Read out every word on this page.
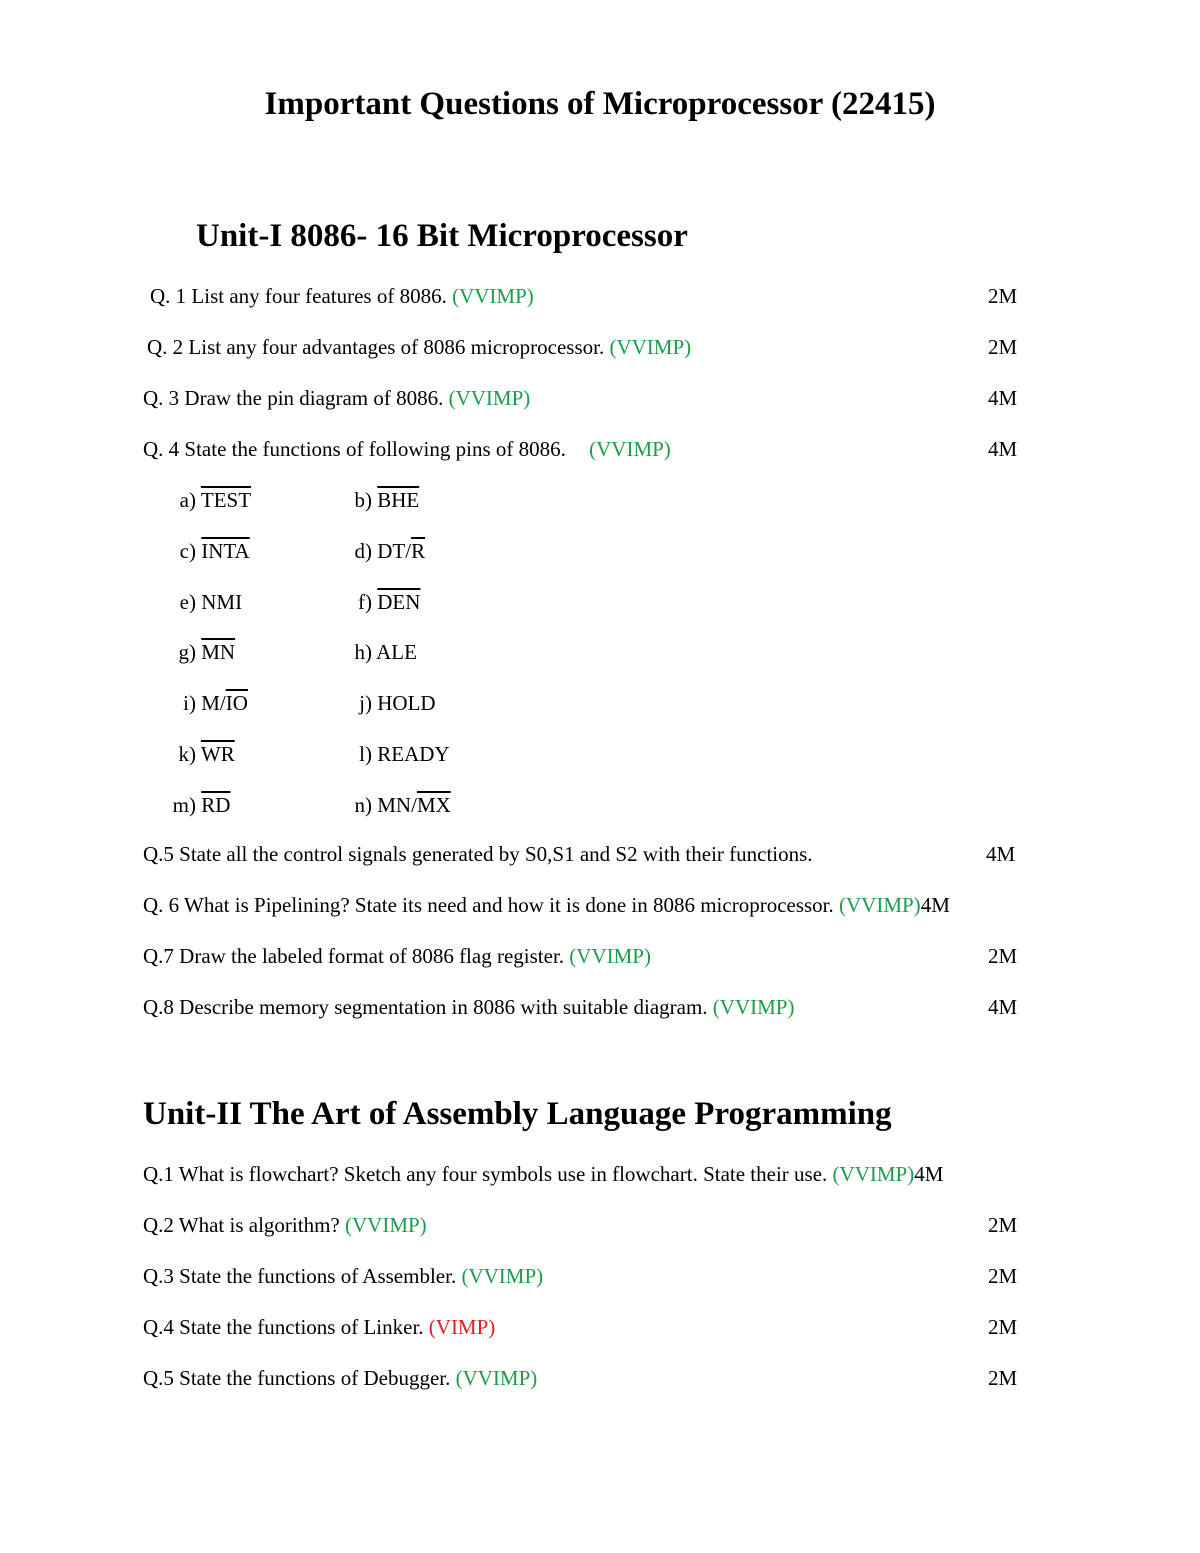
Important Questions of Microprocessor (22415)
Unit-I 8086- 16 Bit Microprocessor
Q. 1 List any four features of 8086. (VVIMP)	2M
Q. 2 List any four advantages of 8086 microprocessor. (VVIMP)	2M
Q. 3 Draw the pin diagram of 8086. (VVIMP)	4M
Q. 4 State the functions of following pins of 8086. (VVIMP)	4M
Q.5 State all the control signals generated by S0,S1 and S2 with their functions.	4M
Q. 6 What is Pipelining? State its need and how it is done in 8086 microprocessor. (VVIMP)4M
Q.7 Draw the labeled format of 8086 flag register. (VVIMP)	2M
Q.8 Describe memory segmentation in 8086 with suitable diagram. (VVIMP)	4M
a) TEST	b) $\overline{BHE}$
c) INTA	d) $DT/\overline{R}$
e) NMI	f) $\overline{DEN}$
g) $\overline{MN}$	h) ALE
i) $M/\overline{IO}$	j) HOLD
k) $\overline{WR}$	l) READY
m) $\overline{RD}$	n) $MN/\overline{MX}$
Unit-II The Art of Assembly Language Programming
Q.1 What is flowchart? Sketch any four symbols use in flowchart. State their use. (VVIMP)4M
Q.2 What is algorithm? (VVIMP)	2M
Q.3 State the functions of Assembler. (VVIMP)	2M
Q.4 State the functions of Linker. (VIMP)	2M
Q.5 State the functions of Debugger. (VVIMP)	2M
